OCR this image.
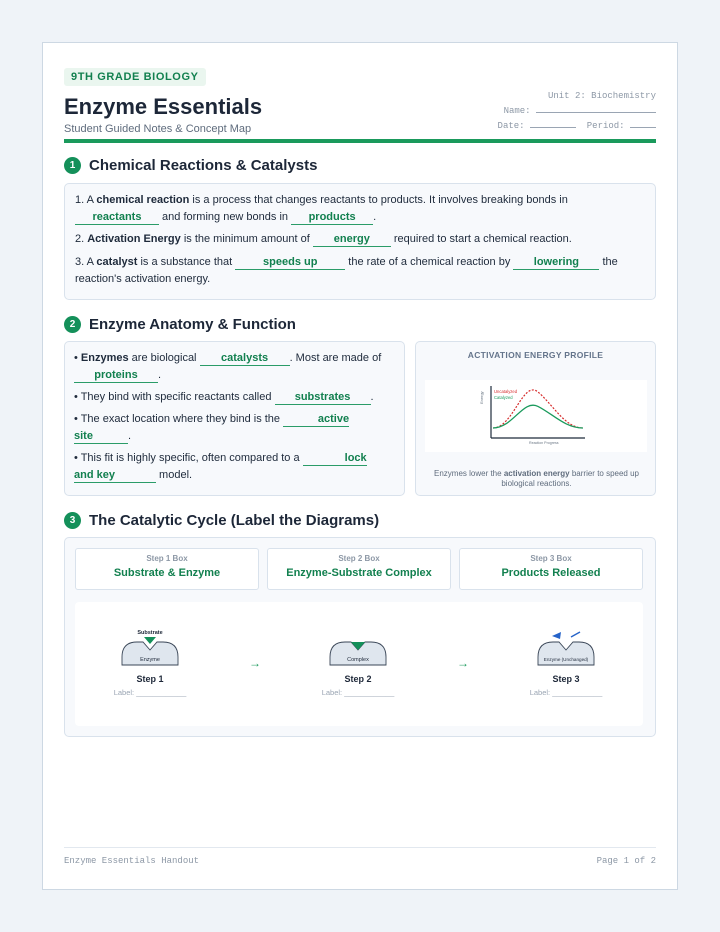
9TH GRADE BIOLOGY
Enzyme Essentials
Student Guided Notes & Concept Map
Unit 2: Biochemistry
Name:
Date:	Period:
1 Chemical Reactions & Catalysts
1. A chemical reaction is a process that changes reactants to products. It involves breaking bonds in
reactants and forming new bonds in products .
2. Activation Energy is the minimum amount of energy required to start a chemical reaction.
3. A catalyst is a substance that	speeds up	the rate of a chemical reaction by lowering the
reaction's activation energy.
2 Enzyme Anatomy & Function
• Enzymes are biological catalysts . Most are made of
proteins .
• They bind with specific reactants called substrates .
• The exact location where they bind is the	active
site	.
• This fit is highly specific, often compared to a	lock
and key	model.
ACTIVATION ENERGY PROFILE
Energy
Reaction Progress
Uncatalyzed
Catalyzed
Enzymes lower the activation energy barrier to speed up
biological reactions.
3 The Catalytic Cycle (Label the Diagrams)
Step 1 Box
Substrate & Enzyme
Step 2 Box
Enzyme-Substrate Complex
Step 3 Box
Products Released
Substrate
Enzyme	→	Complex	→	Enzyme (Unchanged)
Step 1
Label: ____________
Step 2
Label: ____________
Step 3
Label: ____________
Enzyme Essentials Handout	Page 1 of 2
